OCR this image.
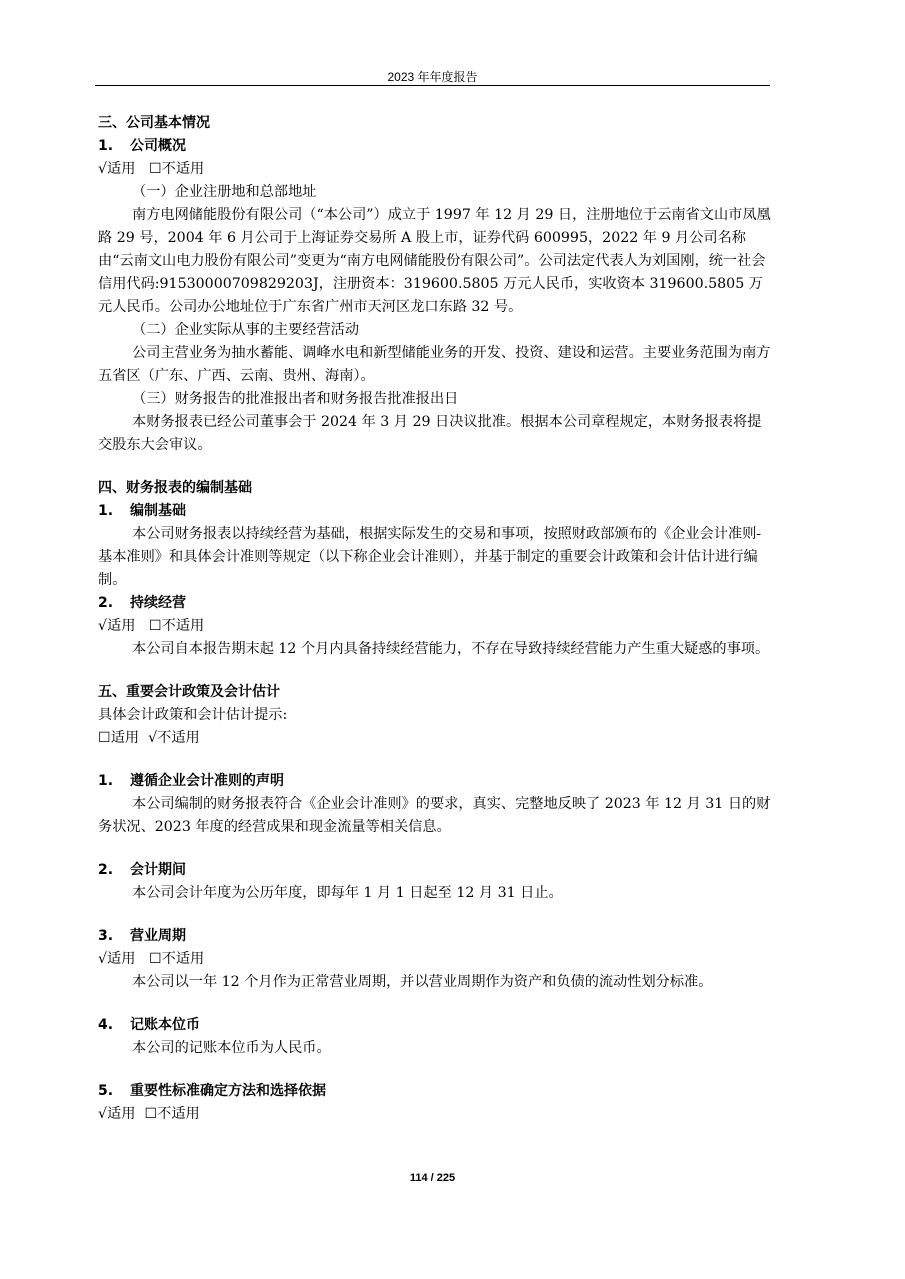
2023 年年度报告

三、公司基本情况

1. 公司概况

√适用 ☐不适用

（一）企业注册地和总部地址

南方电网储能股份有限公司（“本公司”）成立于 1997 年 12 月 29 日，注册地位于云南省文山市凤凰路 29 号，2004 年 6 月公司于上海证券交易所 A 股上市，证券代码 600995，2022 年 9 月公司名称由“云南文山电力股份有限公司”变更为“南方电网储能股份有限公司”。公司法定代表人为刘国刚，统一社会信用代码:91530000709829203J，注册资本：319600.5805 万元人民币，实收资本 319600.5805 万元人民币。公司办公地址位于广东省广州市天河区龙口东路 32 号。

（二）企业实际从事的主要经营活动

公司主营业务为抽水蓄能、调峰水电和新型储能业务的开发、投资、建设和运营。主要业务范围为南方五省区（广东、广西、云南、贵州、海南）。

（三）财务报告的批准报出者和财务报告批准报出日

本财务报表已经公司董事会于 2024 年 3 月 29 日决议批准。根据本公司章程规定，本财务报表将提交股东大会审议。

四、财务报表的编制基础

1. 编制基础

本公司财务报表以持续经营为基础，根据实际发生的交易和事项，按照财政部颁布的《企业会计准则-基本准则》和具体会计准则等规定（以下称企业会计准则），并基于制定的重要会计政策和会计估计进行编制。

2. 持续经营

√适用 ☐不适用

本公司自本报告期末起 12 个月内具备持续经营能力，不存在导致持续经营能力产生重大疑惑的事项。

五、重要会计政策及会计估计

具体会计政策和会计估计提示:

☐适用 √不适用

1. 遵循企业会计准则的声明

本公司编制的财务报表符合《企业会计准则》的要求，真实、完整地反映了 2023 年 12 月 31 日的财务状况、2023 年度的经营成果和现金流量等相关信息。

2. 会计期间

本公司会计年度为公历年度，即每年 1 月 1 日起至 12 月 31 日止。

3. 营业周期

√适用 ☐不适用

本公司以一年 12 个月作为正常营业周期，并以营业周期作为资产和负债的流动性划分标准。

4. 记账本位币

本公司的记账本位币为人民币。

5. 重要性标准确定方法和选择依据

√适用 ☐不适用

114 / 225
